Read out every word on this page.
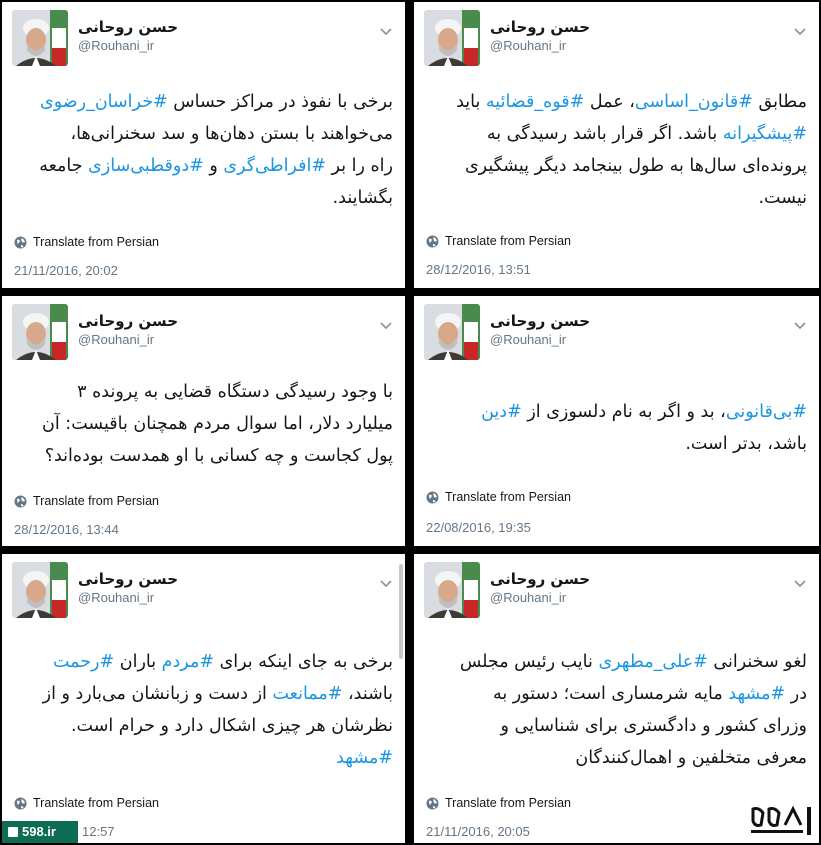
حسن روحانی
@Rouhani_ir
برخی با نفوذ در مراکز حساس #خراسان_رضوی
می‌خواهند با بستن دهان‌ها و سد سخنرانی‌ها،
راه را بر #افراطی‌گری و #دوقطبی‌سازی جامعه
بگشایند.
Translate from Persian
21/11/2016, 20:02
حسن روحانی
@Rouhani_ir
مطابق #قانون_اساسی، عمل #قوه_قضائیه باید
#پیشگیرانه باشد. اگر قرار باشد رسیدگی به
پرونده‌ای سال‌ها به طول بینجامد دیگر پیشگیری
نیست.
Translate from Persian
28/12/2016, 13:51
حسن روحانی
@Rouhani_ir
با وجود رسیدگی دستگاه قضایی به پرونده ۳
میلیارد دلار، اما سوال مردم همچنان باقیست: آن
پول کجاست و چه کسانی با او همدست بوده‌اند؟
Translate from Persian
28/12/2016, 13:44
حسن روحانی
@Rouhani_ir
#بی‌قانونی، بد و اگر به نام دلسوزی از #دین
باشد، بدتر است.
Translate from Persian
22/08/2016, 19:35
حسن روحانی
@Rouhani_ir
برخی به جای اینکه برای #مردم باران #رحمت
باشند، #ممانعت از دست و زبانشان می‌بارد و از
نظرشان هر چیزی اشکال دارد و حرام است.
#مشهد
Translate from Persian
12:57
598.ir
حسن روحانی
@Rouhani_ir
لغو سخنرانی #علی_مطهری نایب رئیس مجلس
در #مشهد مایه شرمساری است؛ دستور به
وزرای کشور و دادگستری برای شناسایی و
معرفی متخلفین و اهمال‌کنندگان
Translate from Persian
21/11/2016, 20:05
